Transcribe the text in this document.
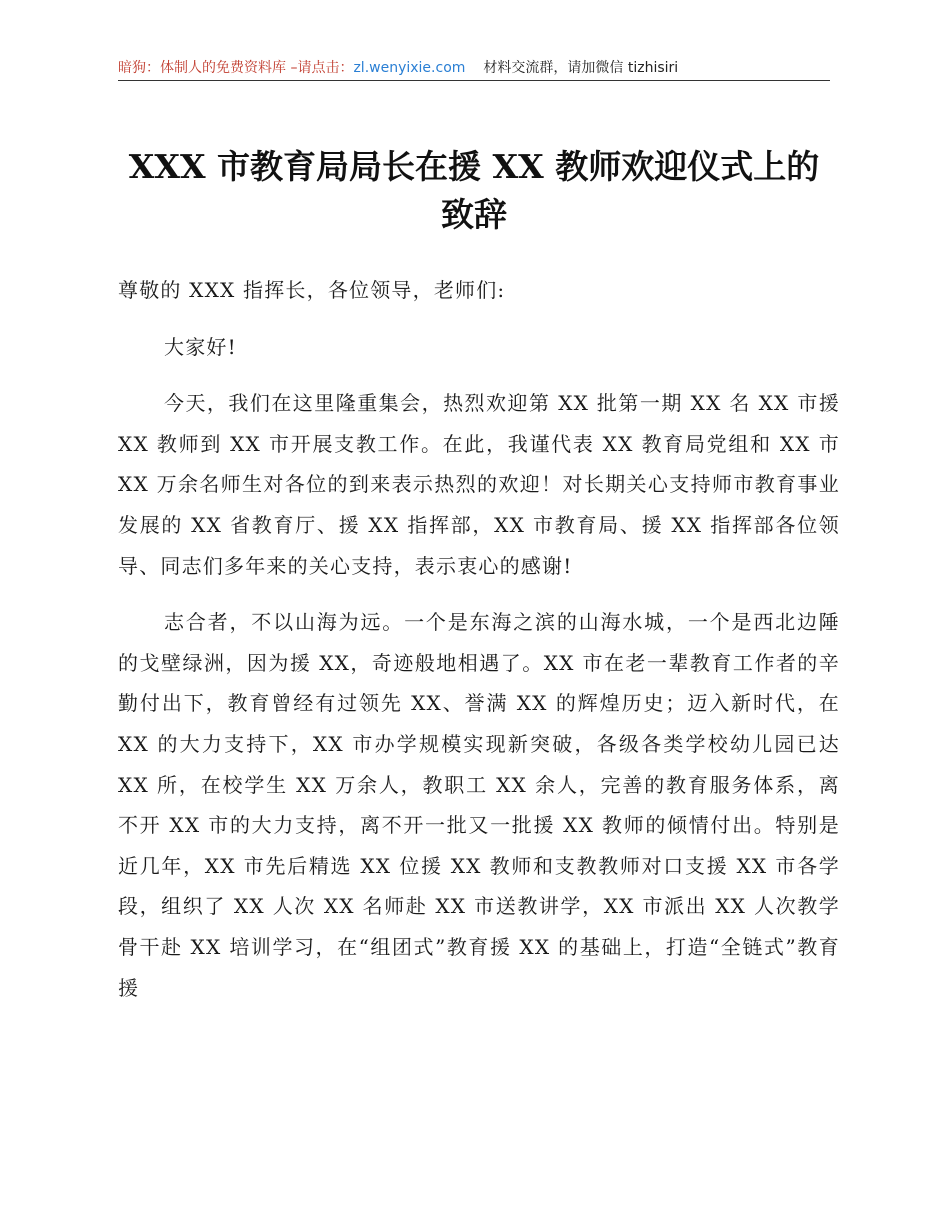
暗狗：体制人的免费资料库 –请点击：zl.wenyixie.com 材料交流群，请加微信 tizhisiri
XXX 市教育局局长在援 XX 教师欢迎仪式上的致辞

尊敬的 XXX 指挥长，各位领导，老师们:

大家好!

今天，我们在这里隆重集会，热烈欢迎第 XX 批第一期 XX 名 XX 市援 XX 教师到 XX 市开展支教工作。在此，我谨代表 XX 教育局党组和 XX 市 XX 万余名师生对各位的到来表示热烈的欢迎！对长期关心支持师市教育事业发展的 XX 省教育厅、援 XX 指挥部，XX 市教育局、援 XX 指挥部各位领导、同志们多年来的关心支持，表示衷心的感谢!

志合者，不以山海为远。一个是东海之滨的山海水城，一个是西北边陲的戈壁绿洲，因为援 XX，奇迹般地相遇了。XX 市在老一辈教育工作者的辛勤付出下，教育曾经有过领先 XX、誉满 XX 的辉煌历史；迈入新时代，在 XX 的大力支持下，XX 市办学规模实现新突破，各级各类学校幼儿园已达 XX 所，在校学生 XX 万余人，教职工 XX 余人，完善的教育服务体系，离不开 XX 市的大力支持，离不开一批又一批援 XX 教师的倾情付出。特别是近几年，XX 市先后精选 XX 位援 XX 教师和支教教师对口支援 XX 市各学段，组织了 XX 人次 XX 名师赴 XX 市送教讲学，XX 市派出 XX 人次教学骨干赴 XX 培训学习，在“组团式”教育援 XX 的基础上，打造“全链式”教育援
